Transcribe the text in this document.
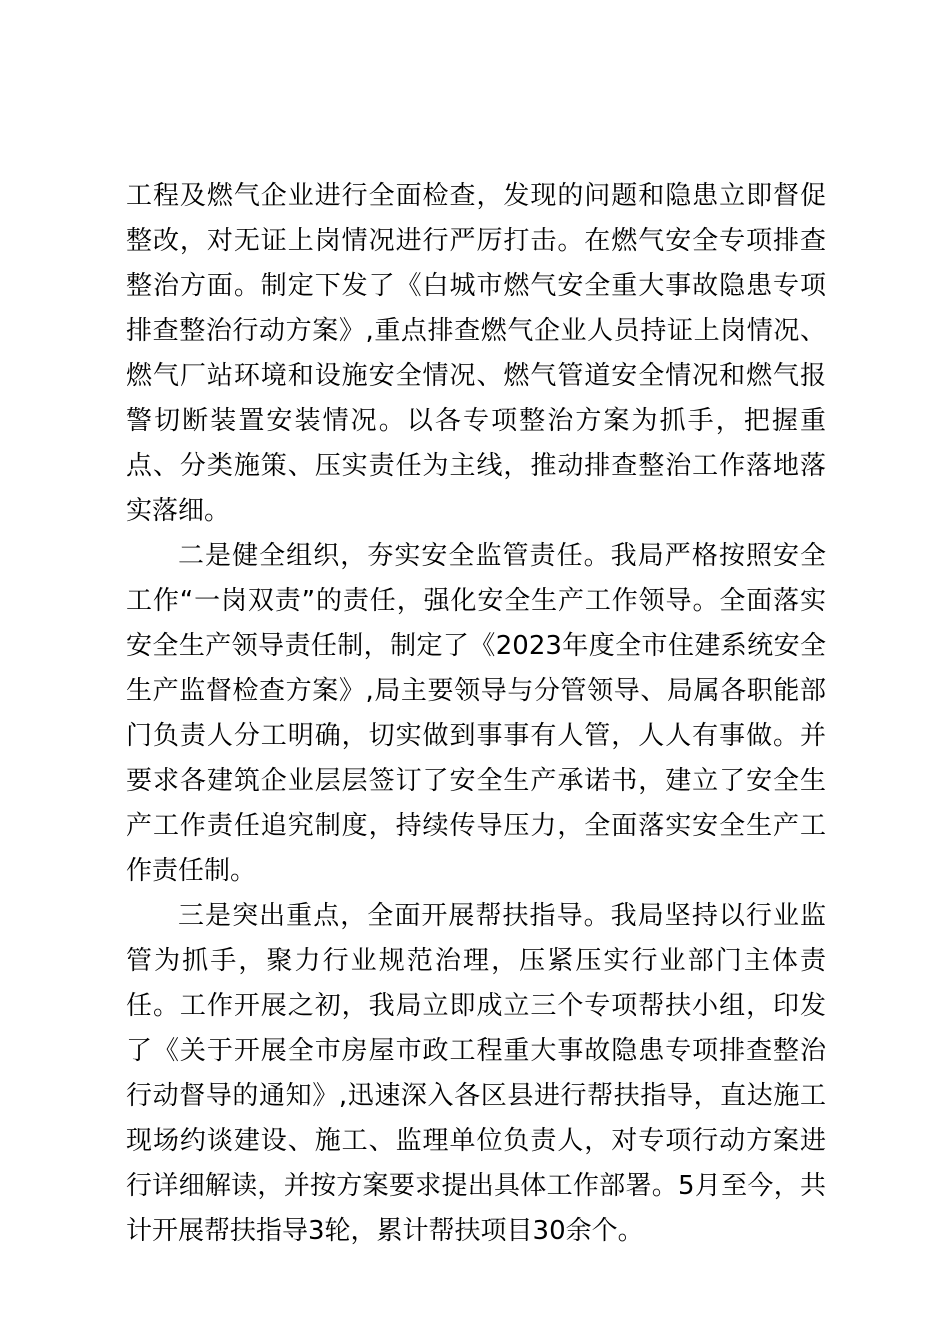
工程及燃气企业进行全面检查，发现的问题和隐患立即督促整改，对无证上岗情况进行严厉打击。在燃气安全专项排查整治方面。制定下发了《白城市燃气安全重大事故隐患专项排查整治行动方案》,重点排查燃气企业人员持证上岗情况、燃气厂站环境和设施安全情况、燃气管道安全情况和燃气报警切断装置安装情况。以各专项整治方案为抓手，把握重点、分类施策、压实责任为主线，推动排查整治工作落地落实落细。

二是健全组织，夯实安全监管责任。我局严格按照安全工作“一岗双责”的责任，强化安全生产工作领导。全面落实安全生产领导责任制，制定了《2023年度全市住建系统安全生产监督检查方案》,局主要领导与分管领导、局属各职能部门负责人分工明确，切实做到事事有人管，人人有事做。并要求各建筑企业层层签订了安全生产承诺书，建立了安全生产工作责任追究制度，持续传导压力，全面落实安全生产工作责任制。

三是突出重点，全面开展帮扶指导。我局坚持以行业监管为抓手，聚力行业规范治理，压紧压实行业部门主体责任。工作开展之初，我局立即成立三个专项帮扶小组，印发了《关于开展全市房屋市政工程重大事故隐患专项排查整治行动督导的通知》,迅速深入各区县进行帮扶指导，直达施工现场约谈建设、施工、监理单位负责人，对专项行动方案进行详细解读，并按方案要求提出具体工作部署。5月至今，共计开展帮扶指导3轮，累计帮扶项目30余个。
